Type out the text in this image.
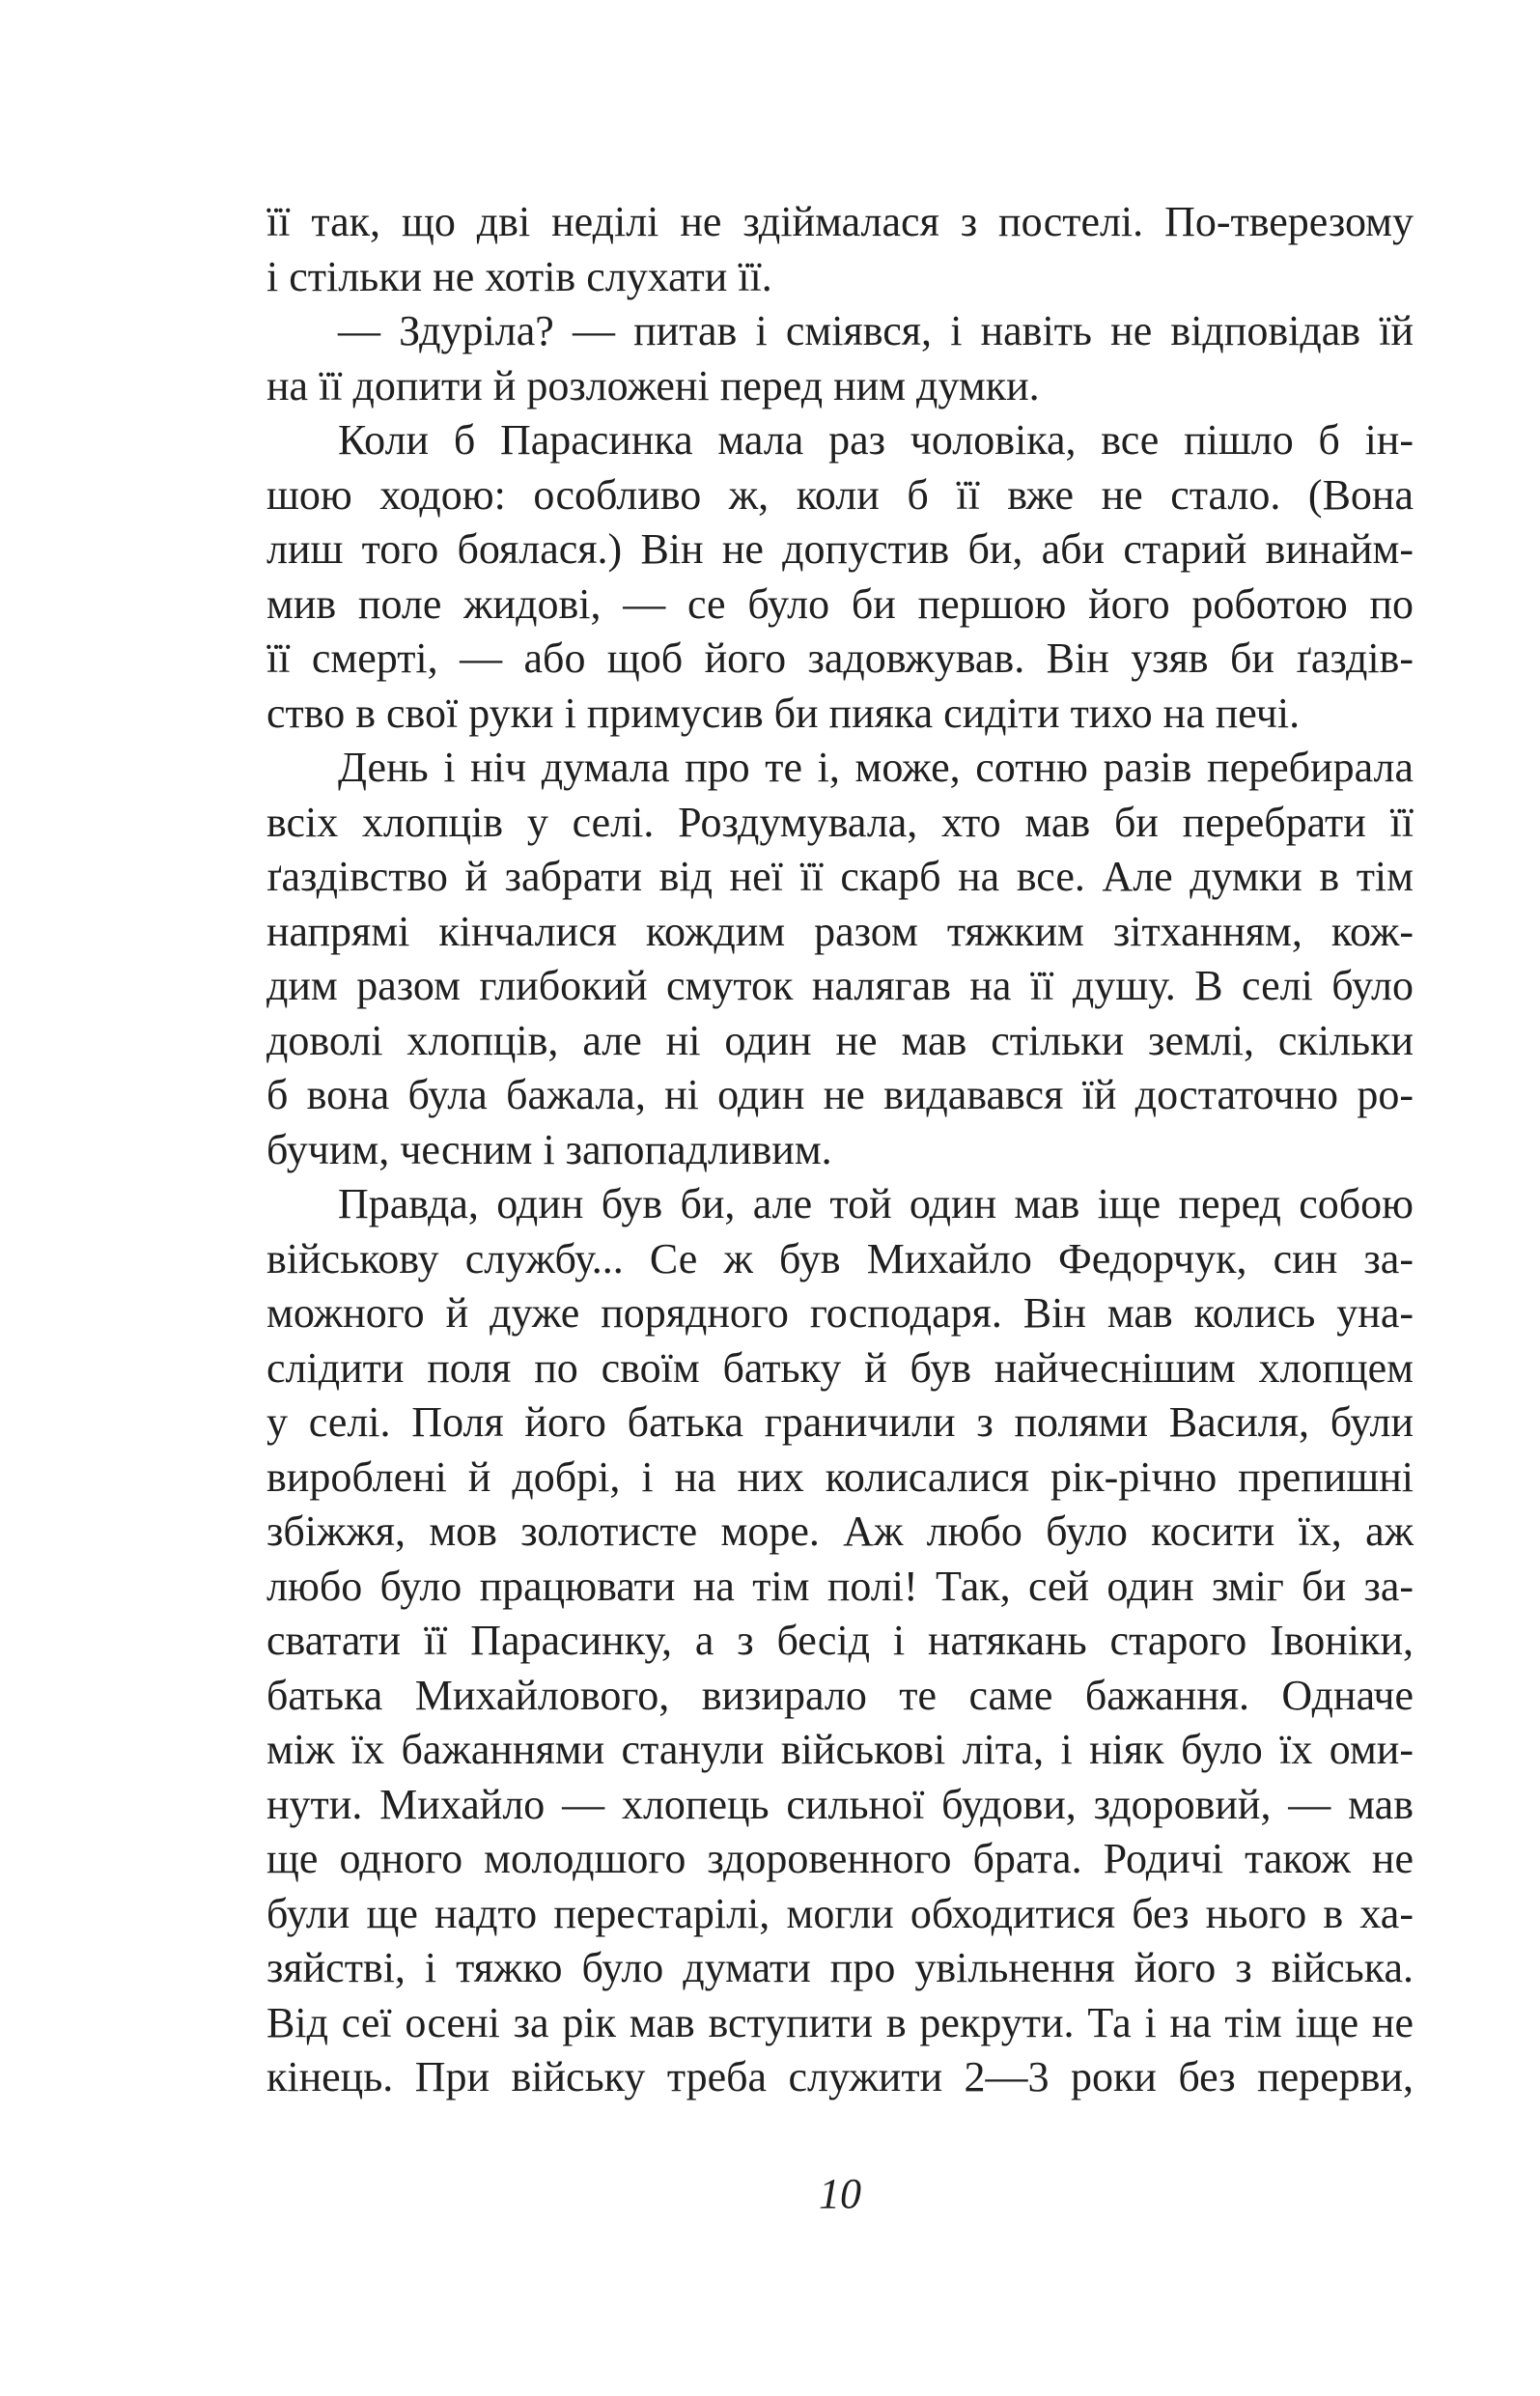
її так, що дві неділі не здіймалася з постелі. По-тверезому
і стільки не хотів слухати її.
— Здуріла? — питав і сміявся, і навіть не відповідав їй
на її допити й розложені перед ним думки.
Коли б Парасинка мала раз чоловіка, все пішло б ін-
шою ходою: особливо ж, коли б її вже не стало. (Вона
лиш того боялася.) Він не допустив би, аби старий винайм-
мив поле жидові, — се було би першою його роботою по
її смерті, — або щоб його задовжував. Він узяв би ґаздів-
ство в свої руки і примусив би пияка сидіти тихо на печі.
День і ніч думала про те і, може, сотню разів перебирала
всіх хлопців у селі. Роздумувала, хто мав би перебрати її
ґаздівство й забрати від неї її скарб на все. Але думки в тім
напрямі кінчалися кождим разом тяжким зітханням, кож-
дим разом глибокий смуток налягав на її душу. В селі було
доволі хлопців, але ні один не мав стільки землі, скільки
б вона була бажала, ні один не видавався їй достаточно ро-
бучим, чесним і запопадливим.
Правда, один був би, але той один мав іще перед собою
військову службу... Се ж був Михайло Федорчук, син за-
можного й дуже порядного господаря. Він мав колись уна-
слідити поля по своїм батьку й був найчеснішим хлопцем
у селі. Поля його батька граничили з полями Василя, були
вироблені й добрі, і на них колисалися рік-річно препишні
збіжжя, мов золотисте море. Аж любо було косити їх, аж
любо було працювати на тім полі! Так, сей один зміг би за-
сватати її Парасинку, а з бесід і натякань старого Івоніки,
батька Михайлового, визирало те саме бажання. Одначе
між їх бажаннями станули військові літа, і ніяк було їх оми-
нути. Михайло — хлопець сильної будови, здоровий, — мав
ще одного молодшого здоровенного брата. Родичі також не
були ще надто перестарілі, могли обходитися без нього в ха-
зяйстві, і тяжко було думати про увільнення його з війська.
Від сеї осені за рік мав вступити в рекрути. Та і на тім іще не
кінець. При війську треба служити 2—3 роки без перерви,
10
